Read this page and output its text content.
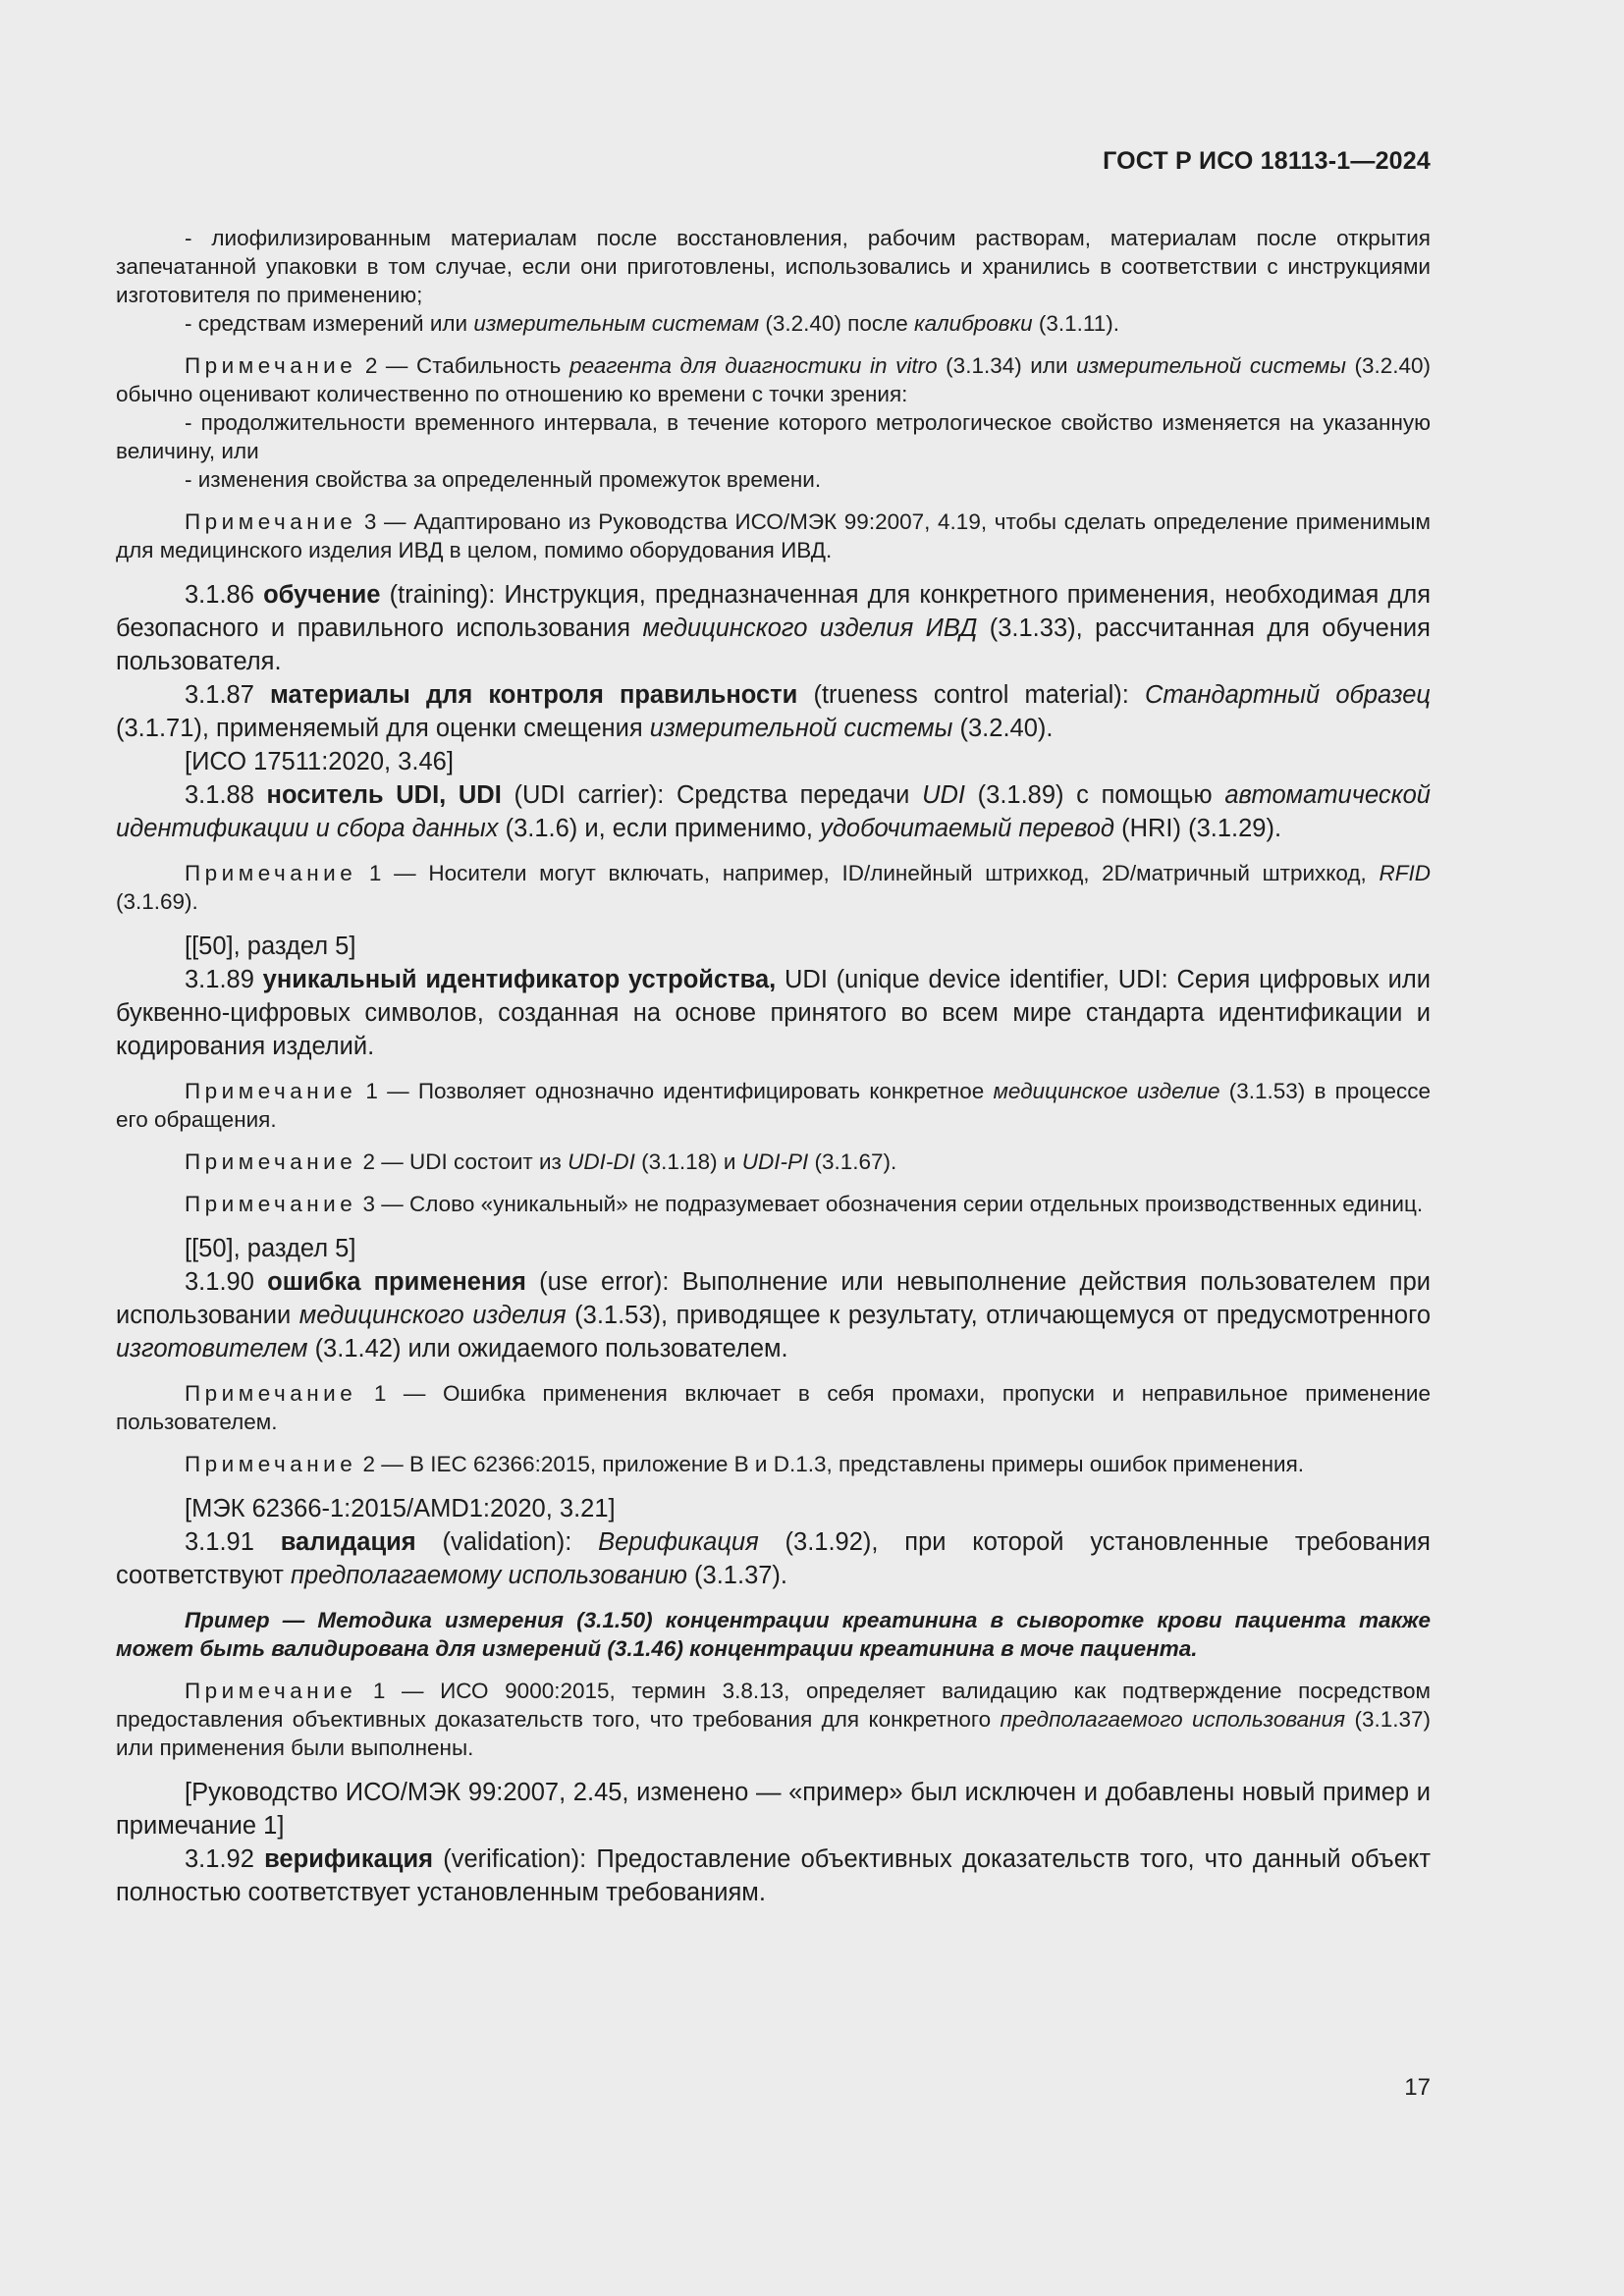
ГОСТ Р ИСО 18113-1—2024

- лиофилизированным материалам после восстановления, рабочим растворам, материалам после открытия запечатанной упаковки в том случае, если они приготовлены, использовались и хранились в соответствии с инструкциями изготовителя по применению;

- средствам измерений или измерительным системам (3.2.40) после калибровки (3.1.11).

Примечание 2 — Стабильность реагента для диагностики in vitro (3.1.34) или измерительной системы (3.2.40) обычно оценивают количественно по отношению ко времени с точки зрения:

- продолжительности временного интервала, в течение которого метрологическое свойство изменяется на указанную величину, или

- изменения свойства за определенный промежуток времени.

Примечание 3 — Адаптировано из Руководства ИСО/МЭК 99:2007, 4.19, чтобы сделать определение применимым для медицинского изделия ИВД в целом, помимо оборудования ИВД.

3.1.86 обучение (training): Инструкция, предназначенная для конкретного применения, необходимая для безопасного и правильного использования медицинского изделия ИВД (3.1.33), рассчитанная для обучения пользователя.

3.1.87 материалы для контроля правильности (trueness control material): Стандартный образец (3.1.71), применяемый для оценки смещения измерительной системы (3.2.40).

[ИСО 17511:2020, 3.46]

3.1.88 носитель UDI, UDI (UDI carrier): Средства передачи UDI (3.1.89) с помощью автоматической идентификации и сбора данных (3.1.6) и, если применимо, удобочитаемый перевод (HRI) (3.1.29).

Примечание 1 — Носители могут включать, например, ID/линейный штрихкод, 2D/матричный штрихкод, RFID (3.1.69).

[[50], раздел 5]

3.1.89 уникальный идентификатор устройства, UDI (unique device identifier, UDI: Серия цифровых или буквенно-цифровых символов, созданная на основе принятого во всем мире стандарта идентификации и кодирования изделий.

Примечание 1 — Позволяет однозначно идентифицировать конкретное медицинское изделие (3.1.53) в процессе его обращения.

Примечание 2 — UDI состоит из UDI-DI (3.1.18) и UDI-PI (3.1.67).

Примечание 3 — Слово «уникальный» не подразумевает обозначения серии отдельных производственных единиц.

[[50], раздел 5]

3.1.90 ошибка применения (use error): Выполнение или невыполнение действия пользователем при использовании медицинского изделия (3.1.53), приводящее к результату, отличающемуся от предусмотренного изготовителем (3.1.42) или ожидаемого пользователем.

Примечание 1 — Ошибка применения включает в себя промахи, пропуски и неправильное применение пользователем.

Примечание 2 — В IEC 62366:2015, приложение В и D.1.3, представлены примеры ошибок применения.

[МЭК 62366-1:2015/AMD1:2020, 3.21]

3.1.91 валидация (validation): Верификация (3.1.92), при которой установленные требования соответствуют предполагаемому использованию (3.1.37).

Пример — Методика измерения (3.1.50) концентрации креатинина в сыворотке крови пациента также может быть валидирована для измерений (3.1.46) концентрации креатинина в моче пациента.

Примечание 1 — ИСО 9000:2015, термин 3.8.13, определяет валидацию как подтверждение посредством предоставления объективных доказательств того, что требования для конкретного предполагаемого использования (3.1.37) или применения были выполнены.

[Руководство ИСО/МЭК 99:2007, 2.45, изменено — «пример» был исключен и добавлены новый пример и примечание 1]

3.1.92 верификация (verification): Предоставление объективных доказательств того, что данный объект полностью соответствует установленным требованиям.

17
